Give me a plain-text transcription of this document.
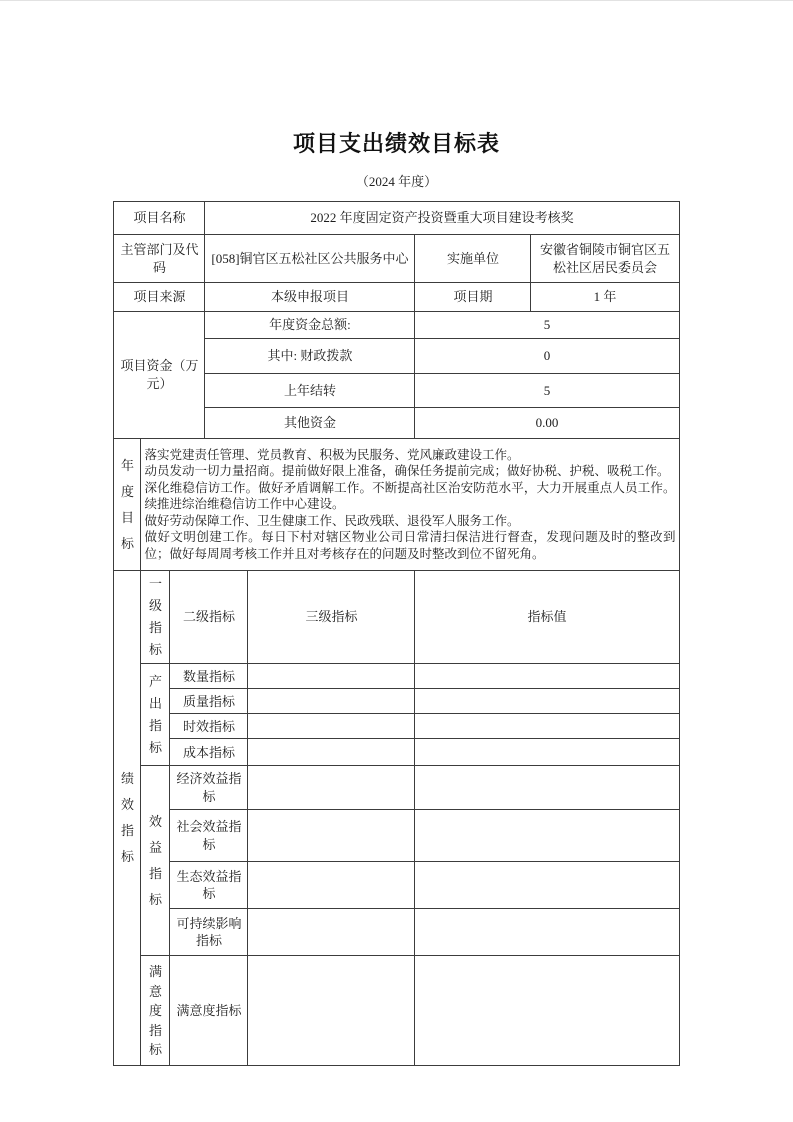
项目支出绩效目标表
（2024 年度）
项目名称			2022 年度固定资产投资暨重大项目建设考核奖			
主管部门及代码			[058]铜官区五松社区公共服务中心		实施单位	安徽省铜陵市铜官区五松社区居民委员会
项目来源			本级申报项目		项目期	1 年
项目资金（万元）			年度资金总额:		5	
			其中: 财政拨款		0	
			上年结转		5	
			其他资金		0.00	
年度目标	落实党建责任管理、党员教育、积极为民服务、党风廉政建设工作。

动员发动一切力量招商。提前做好限上准备，确保任务提前完成；做好协税、护税、吸税工作。

深化维稳信访工作。做好矛盾调解工作。不断提高社区治安防范水平，大力开展重点人员工作。续推进综治维稳信访工作中心建设。

做好劳动保障工作、卫生健康工作、民政残联、退役军人服务工作。

做好文明创建工作。每日下村对辖区物业公司日常清扫保洁进行督查，发现问题及时的整改到位；做好每周周考核工作并且对考核存在的问题及时整改到位不留死角。					

绩效指标	一级指标	二级指标		三级指标	指标值	
	产出指标	数量指标				
		质量指标				
		时效指标				
		成本指标				
	效益指标	经济效益指标				
		社会效益指标				
		生态效益指标				
		可持续影响指标				
	满意度指标	满意度指标				
